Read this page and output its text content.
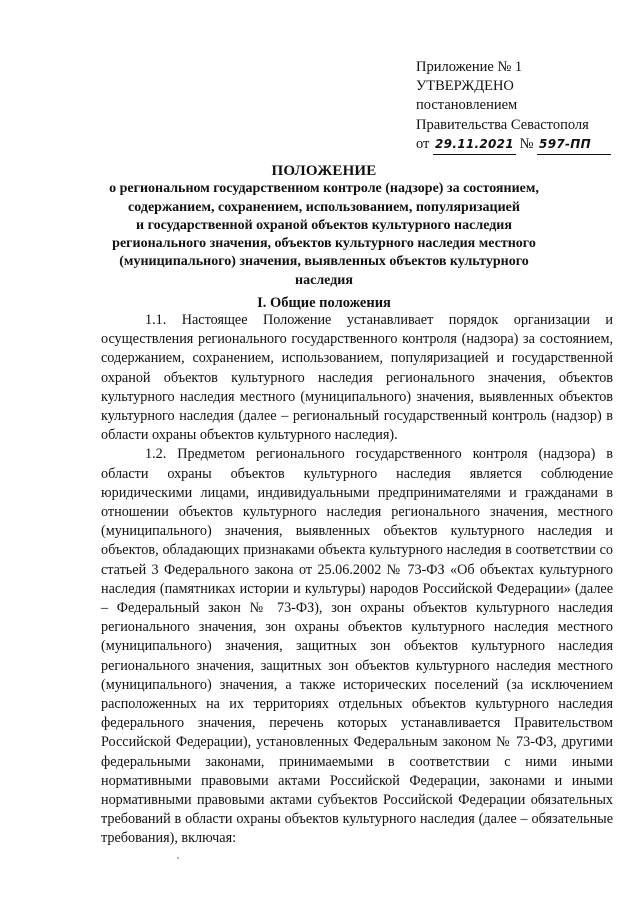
Приложение № 1
УТВЕРЖДЕНО
постановлением
Правительства Севастополя
от 29.11.2021 № 597-ПП
ПОЛОЖЕНИЕ
о региональном государственном контроле (надзоре) за состоянием,
содержанием, сохранением, использованием, популяризацией
и государственной охраной объектов культурного наследия
регионального значения, объектов культурного наследия местного
(муниципального) значения, выявленных объектов культурного
наследия
I. Общие положения

1.1. Настоящее Положение устанавливает порядок организации и осуществления регионального государственного контроля (надзора) за состоянием, содержанием, сохранением, использованием, популяризацией и государственной охраной объектов культурного наследия регионального значения, объектов культурного наследия местного (муниципального) значения, выявленных объектов культурного наследия (далее – региональный государственный контроль (надзор) в области охраны объектов культурного наследия).

1.2. Предметом регионального государственного контроля (надзора) в области охраны объектов культурного наследия является соблюдение юридическими лицами, индивидуальными предпринимателями и гражданами в отношении объектов культурного наследия регионального значения, местного (муниципального) значения, выявленных объектов культурного наследия и объектов, обладающих признаками объекта культурного наследия в соответствии со статьей 3 Федерального закона от 25.06.2002 № 73-ФЗ «Об объектах культурного наследия (памятниках истории и культуры) народов Российской Федерации» (далее – Федеральный закон № 73-ФЗ), зон охраны объектов культурного наследия регионального значения, зон охраны объектов культурного наследия местного (муниципального) значения, защитных зон объектов культурного наследия регионального значения, защитных зон объектов культурного наследия местного (муниципального) значения, а также исторических поселений (за исключением расположенных на их территориях отдельных объектов культурного наследия федерального значения, перечень которых устанавливается Правительством Российской Федерации), установленных Федеральным законом № 73-ФЗ, другими федеральными законами, принимаемыми в соответствии с ними иными нормативными правовыми актами Российской Федерации, законами и иными нормативными правовыми актами субъектов Российской Федерации обязательных требований в области охраны объектов культурного наследия (далее – обязательные требования), включая:
